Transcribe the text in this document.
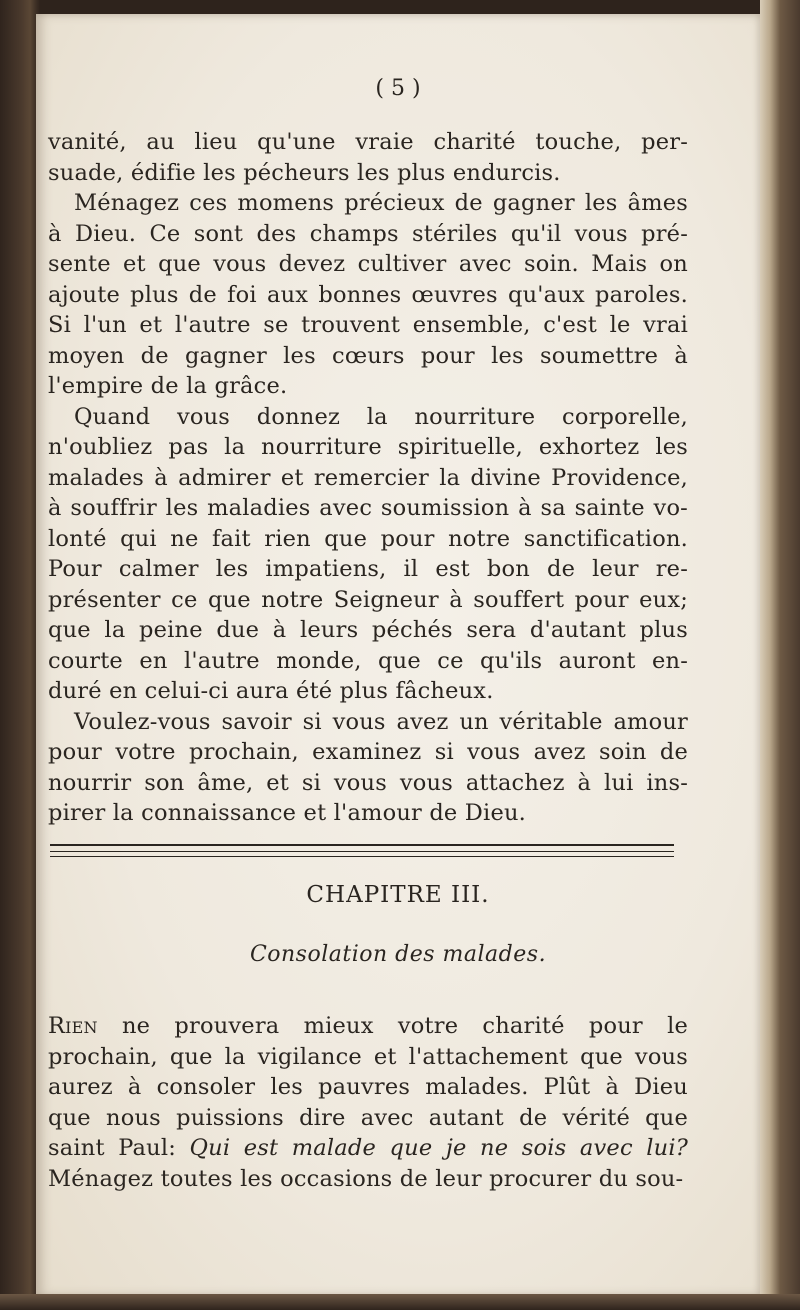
( 5 )
vanité, au lieu qu'une vraie charité touche, per-
suade, édifie les pécheurs les plus endurcis.
Ménagez ces momens précieux de gagner les âmes
à Dieu. Ce sont des champs stériles qu'il vous pré-
sente et que vous devez cultiver avec soin. Mais on
ajoute plus de foi aux bonnes œuvres qu'aux paroles.
Si l'un et l'autre se trouvent ensemble, c'est le vrai
moyen de gagner les cœurs pour les soumettre à
l'empire de la grâce.
Quand vous donnez la nourriture corporelle,
n'oubliez pas la nourriture spirituelle, exhortez les
malades à admirer et remercier la divine Providence,
à souffrir les maladies avec soumission à sa sainte vo-
lonté qui ne fait rien que pour notre sanctification.
Pour calmer les impatiens, il est bon de leur re-
présenter ce que notre Seigneur à souffert pour eux;
que la peine due à leurs péchés sera d'autant plus
courte en l'autre monde, que ce qu'ils auront en-
duré en celui-ci aura été plus fâcheux.
Voulez-vous savoir si vous avez un véritable amour
pour votre prochain, examinez si vous avez soin de
nourrir son âme, et si vous vous attachez à lui ins-
pirer la connaissance et l'amour de Dieu.
CHAPITRE III.
Consolation des malades.
Rien ne prouvera mieux votre charité pour le
prochain, que la vigilance et l'attachement que vous
aurez à consoler les pauvres malades. Plût à Dieu
que nous puissions dire avec autant de vérité que
saint Paul: Qui est malade que je ne sois avec lui?
Ménagez toutes les occasions de leur procurer du sou-
